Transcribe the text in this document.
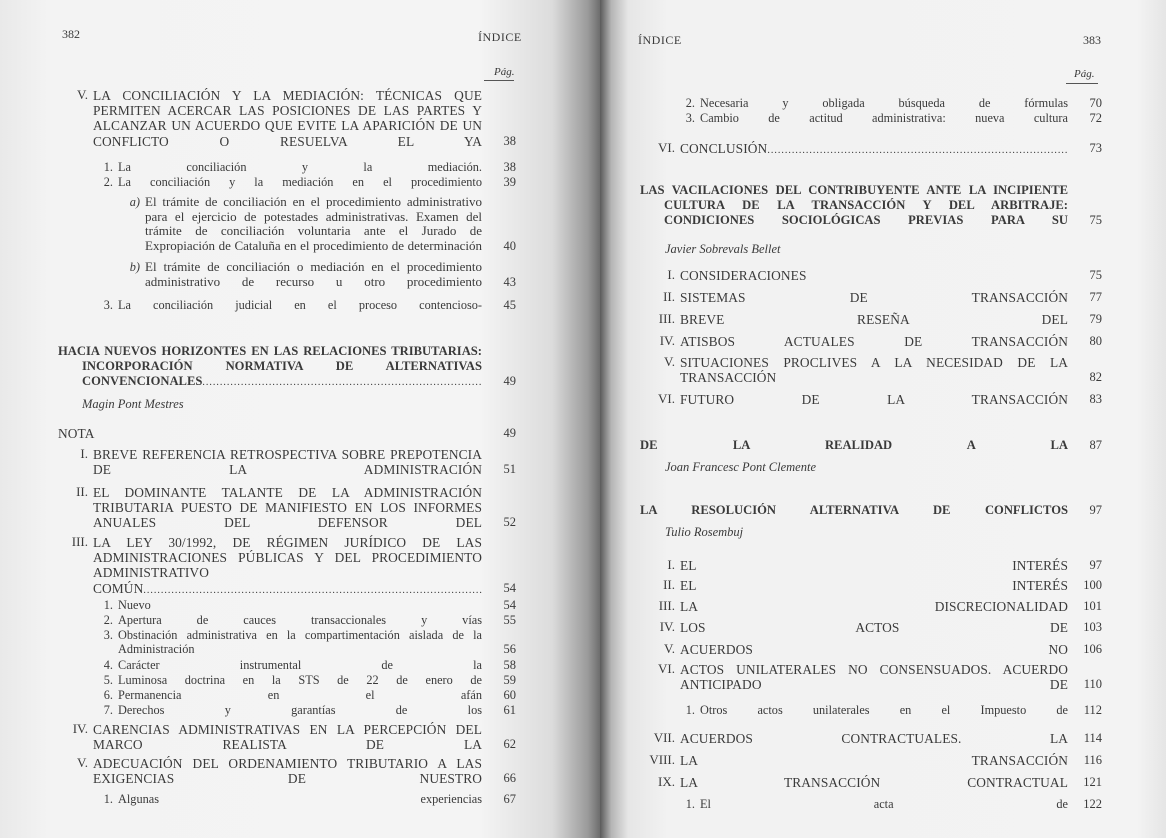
382	ÍNDICE
Pág.
V. LA CONCILIACIÓN Y LA MEDIACIÓN: TÉCNICAS QUE PERMITEN ACERCAR LAS POSICIONES DE LAS PARTES Y ALCANZAR UN ACUERDO QUE EVITE LA APARICIÓN DE UN CONFLICTO O RESUELVA EL YA .....	38
1. La conciliación y la mediación. .....	38
2. La conciliación y la mediación en el procedimiento .....	39
a) El trámite de conciliación en el procedimiento administrativo para el ejercicio de potestades administrativas. Examen del trámite de conciliación voluntaria ante el Jurado de Expropiación de Cataluña en el procedimiento de determinación .....	40
b) El trámite de conciliación o mediación en el procedimiento administrativo de recurso u otro procedimiento .....	43
3. La conciliación judicial en el proceso contencioso- .....	45
HACIA NUEVOS HORIZONTES EN LAS RELACIONES TRIBUTARIAS: INCORPORACIÓN NORMATIVA DE ALTERNATIVAS CONVENCIONALES .....	49
Magin Pont Mestres
NOTA .....	49
I. BREVE REFERENCIA RETROSPECTIVA SOBRE PREPOTENCIA DE LA ADMINISTRACIÓN .....	51
II. EL DOMINANTE TALANTE DE LA ADMINISTRACIÓN TRIBUTARIA PUESTO DE MANIFIESTO EN LOS INFORMES ANUALES DEL DEFENSOR DEL .....	52
III. LA LEY 30/1992, DE RÉGIMEN JURÍDICO DE LAS ADMINISTRACIONES PÚBLICAS Y DEL PROCEDIMIENTO ADMINISTRATIVO COMÚN .....	54
1. Nuevo .....	54
2. Apertura de cauces transaccionales y vías .....	55
3. Obstinación administrativa en la compartimentación aislada de la Administración .....	56
4. Carácter instrumental de la .....	58
5. Luminosa doctrina en la STS de 22 de enero de .....	59
6. Permanencia en el afán .....	60
7. Derechos y garantías de los .....	61
IV. CARENCIAS ADMINISTRATIVAS EN LA PERCEPCIÓN DEL MARCO REALISTA DE LA .....	62
V. ADECUACIÓN DEL ORDENAMIENTO TRIBUTARIO A LAS EXIGENCIAS DE NUESTRO .....	66
1. Algunas experiencias .....	67
ÍNDICE	383
Pág.
2. Necesaria y obligada búsqueda de fórmulas .....	70
3. Cambio de actitud administrativa: nueva cultura .....	72
VI. CONCLUSIÓN .....	73
LAS VACILACIONES DEL CONTRIBUYENTE ANTE LA INCIPIENTE CULTURA DE LA TRANSACCIÓN Y DEL ARBITRAJE: CONDICIONES SOCIOLÓGICAS PREVIAS PARA SU .....	75
Javier Sobrevals Bellet
I. CONSIDERACIONES .....	75
II. SISTEMAS DE TRANSACCIÓN .....	77
III. BREVE RESEÑA DEL .....	79
IV. ATISBOS ACTUALES DE TRANSACCIÓN .....	80
V. SITUACIONES PROCLIVES A LA NECESIDAD DE LA TRANSACCIÓN .....	82
VI. FUTURO DE LA TRANSACCIÓN .....	83
DE LA REALIDAD A LA .....	87
Joan Francesc Pont Clemente
LA RESOLUCIÓN ALTERNATIVA DE CONFLICTOS .....	97
Tulio Rosembuj
I. EL INTERÉS .....	97
II. EL INTERÉS .....	100
III. LA DISCRECIONALIDAD .....	101
IV. LOS ACTOS DE .....	103
V. ACUERDOS NO .....	106
VI. ACTOS UNILATERALES NO CONSENSUADOS. ACUERDO ANTICIPADO DE .....	110
1. Otros actos unilaterales en el Impuesto de .....	112
VII. ACUERDOS CONTRACTUALES. LA .....	114
VIII. LA TRANSACCIÓN .....	116
IX. LA TRANSACCIÓN CONTRACTUAL .....	121
1. El acta de .....	122
